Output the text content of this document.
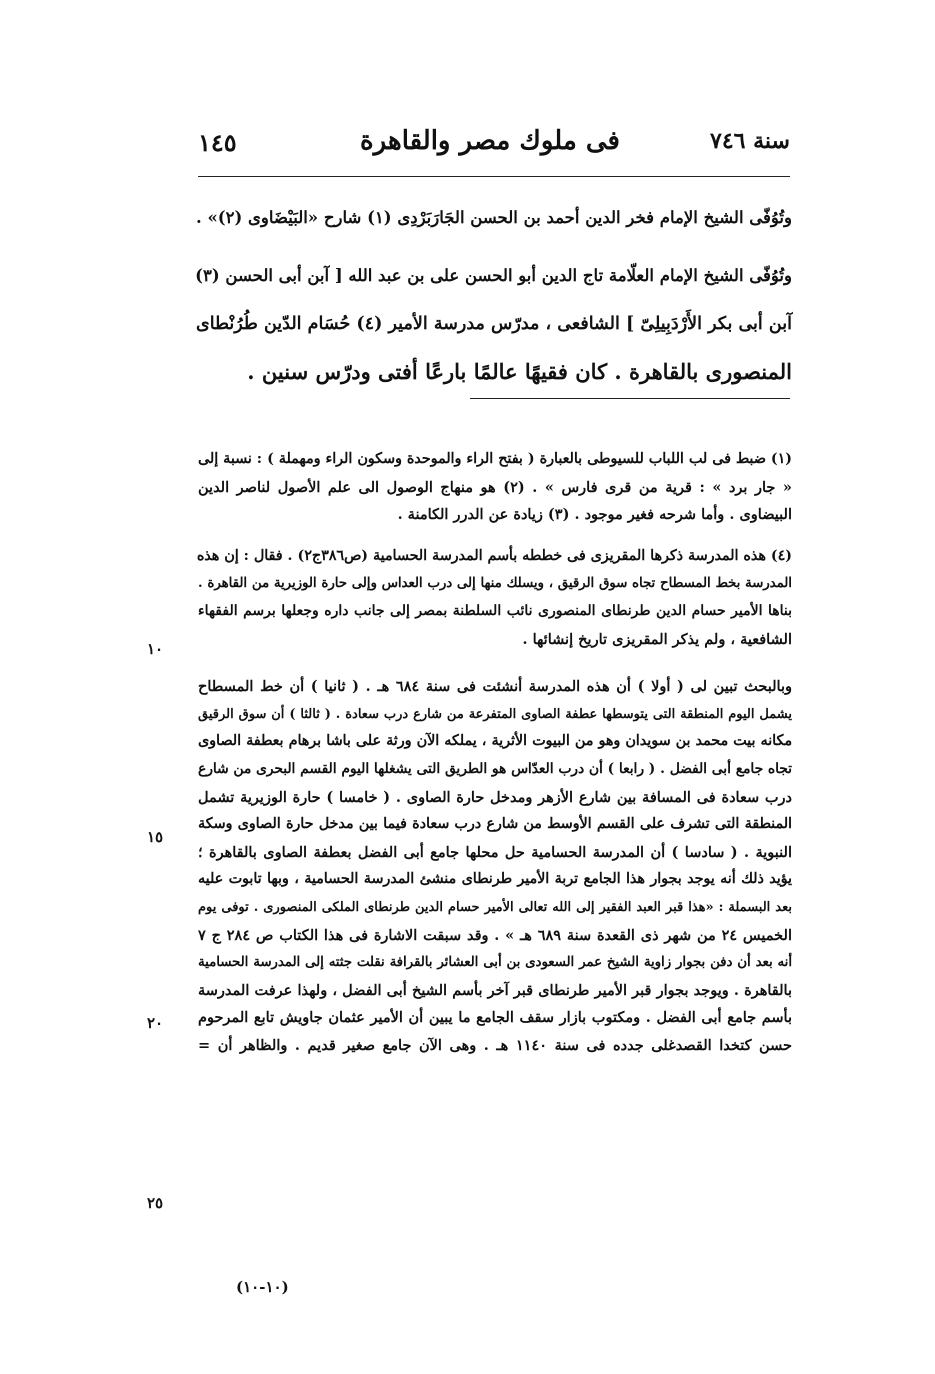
سنة ٧٤٦
فى ملوك مصر والقاهرة
١٤٥
وتُوُفّى الشيخ الإمام فخر الدين أحمد بن الحسن الجَارَبَرْدِى (١) شارح «البَيْضَاوى (٢)» .
وتُوُفّى الشيخ الإمام العلّامة تاج الدين أبو الحسن على بن عبد الله [ آبن أبى الحسن (٣)
آبن أبى بكر الأَرْدَبِيلِىّ ] الشافعى ، مدرّس مدرسة الأمير (٤) حُسَام الدّين طُرُنْطاى
المنصورى بالقاهرة . كان فقيهًا عالمًا بارعًا أفتى ودرّس سنين .
(١) ضبط فى لب اللباب للسيوطى بالعبارة ( بفتح الراء والموحدة وسكون الراء ومهملة ) : نسبة إلى
« جار برد » : قرية من قرى فارس » . (٢) هو منهاج الوصول الى علم الأصول لناصر الدين
البيضاوى . وأما شرحه فغير موجود . (٣) زيادة عن الدرر الكامنة .
(٤) هذه المدرسة ذكرها المقريزى فى خططه بأسم المدرسة الحسامية (ص٣٨٦ج٢) . فقال : إن هذه
المدرسة بخط المسطاح تجاه سوق الرقيق ، ويسلك منها إلى درب العداس وإلى حارة الوزيرية من القاهرة .
بناها الأمير حسام الدين طرنطاى المنصورى نائب السلطنة بمصر إلى جانب داره وجعلها برسم الفقهاء
الشافعية ، ولم يذكر المقريزى تاريخ إنشائها .
وبالبحث تبين لى ( أولا ) أن هذه المدرسة أنشئت فى سنة ٦٨٤ هـ . ( ثانيا ) أن خط المسطاح
يشمل اليوم المنطقة التى يتوسطها عطفة الصاوى المتفرعة من شارع درب سعادة . ( ثالثا ) أن سوق الرقيق
مكانه بيت محمد بن سويدان وهو من البيوت الأثرية ، يملكه الآن ورثة على باشا برهام بعطفة الصاوى
تجاه جامع أبى الفضل . ( رابعا ) أن درب العدّاس هو الطريق التى يشغلها اليوم القسم البحرى من شارع
درب سعادة فى المسافة بين شارع الأزهر ومدخل حارة الصاوى . ( خامسا ) حارة الوزيرية تشمل
المنطقة التى تشرف على القسم الأوسط من شارع درب سعادة فيما بين مدخل حارة الصاوى وسكة
النبوية . ( سادسا ) أن المدرسة الحسامية حل محلها جامع أبى الفضل بعطفة الصاوى بالقاهرة ؛
يؤيد ذلك أنه يوجد بجوار هذا الجامع تربة الأمير طرنطاى منشئ المدرسة الحسامية ، وبها تابوت عليه
بعد البسملة : «هذا قبر العبد الفقير إلى الله تعالى الأمير حسام الدين طرنطاى الملكى المنصورى . توفى يوم
الخميس ٢٤ من شهر ذى القعدة سنة ٦٨٩ هـ » . وقد سبقت الاشارة فى هذا الكتاب ص ٢٨٤ ج ٧
أنه بعد أن دفن بجوار زاوية الشيخ عمر السعودى بن أبى العشائر بالقرافة نقلت جثته إلى المدرسة الحسامية
بالقاهرة . ويوجد بجوار قبر الأمير طرنطاى قبر آخر بأسم الشيخ أبى الفضل ، ولهذا عرفت المدرسة
بأسم جامع أبى الفضل . ومكتوب بازار سقف الجامع ما يبين أن الأمير عثمان جاويش تابع المرحوم
حسن كتخدا القصدغلى جدده فى سنة ١١٤٠ هـ . وهى الآن جامع صغير قديم . والظاهر أن =
١٠
١٥
٢٠
٢٥
(١٠-١٠)
